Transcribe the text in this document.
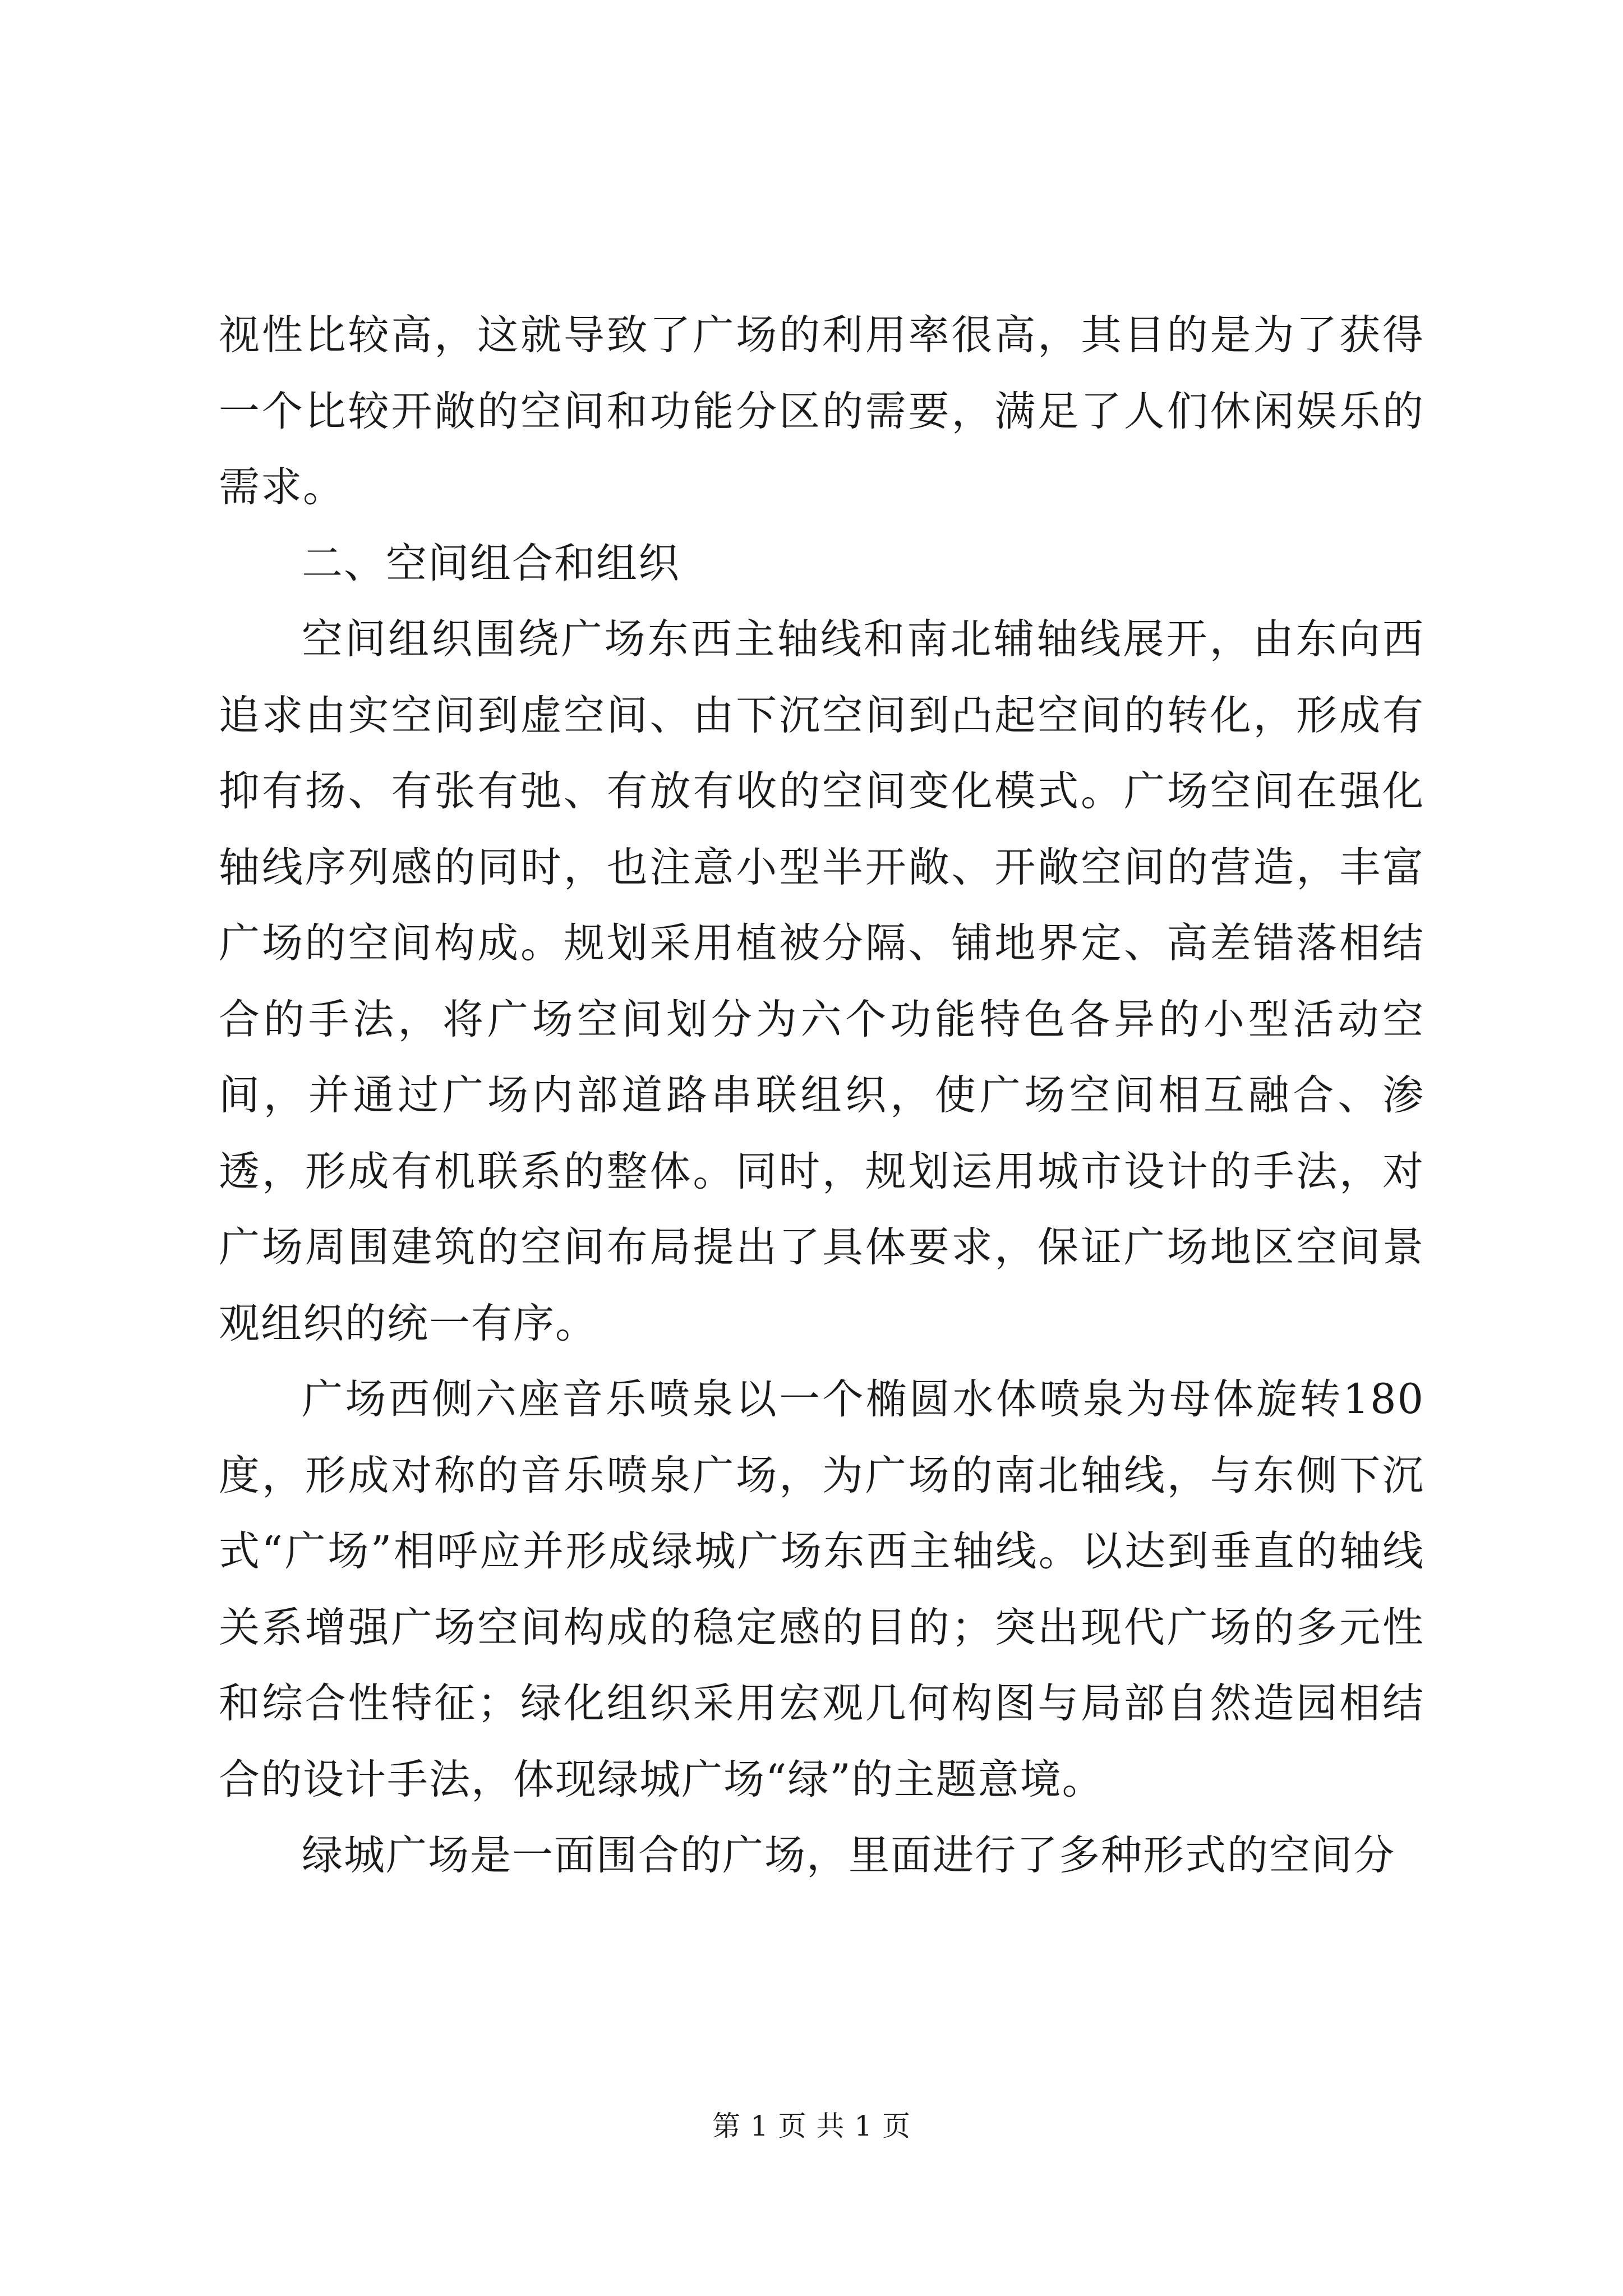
视性比较高，这就导致了广场的利用率很高，其目的是为了获得一个比较开敞的空间和功能分区的需要，满足了人们休闲娱乐的需求。

二、空间组合和组织

空间组织围绕广场东西主轴线和南北辅轴线展开，由东向西追求由实空间到虚空间、由下沉空间到凸起空间的转化，形成有抑有扬、有张有弛、有放有收的空间变化模式。广场空间在强化轴线序列感的同时，也注意小型半开敞、开敞空间的营造，丰富广场的空间构成。规划采用植被分隔、铺地界定、高差错落相结合的手法，将广场空间划分为六个功能特色各异的小型活动空间，并通过广场内部道路串联组织，使广场空间相互融合、渗透，形成有机联系的整体。同时，规划运用城市设计的手法，对广场周围建筑的空间布局提出了具体要求，保证广场地区空间景观组织的统一有序。

广场西侧六座音乐喷泉以一个椭圆水体喷泉为母体旋转180度，形成对称的音乐喷泉广场，为广场的南北轴线，与东侧下沉式“广场”相呼应并形成绿城广场东西主轴线。以达到垂直的轴线关系增强广场空间构成的稳定感的目的；突出现代广场的多元性和综合性特征；绿化组织采用宏观几何构图与局部自然造园相结合的设计手法，体现绿城广场“绿”的主题意境。

绿城广场是一面围合的广场，里面进行了多种形式的空间分

第 1 页 共 1 页
